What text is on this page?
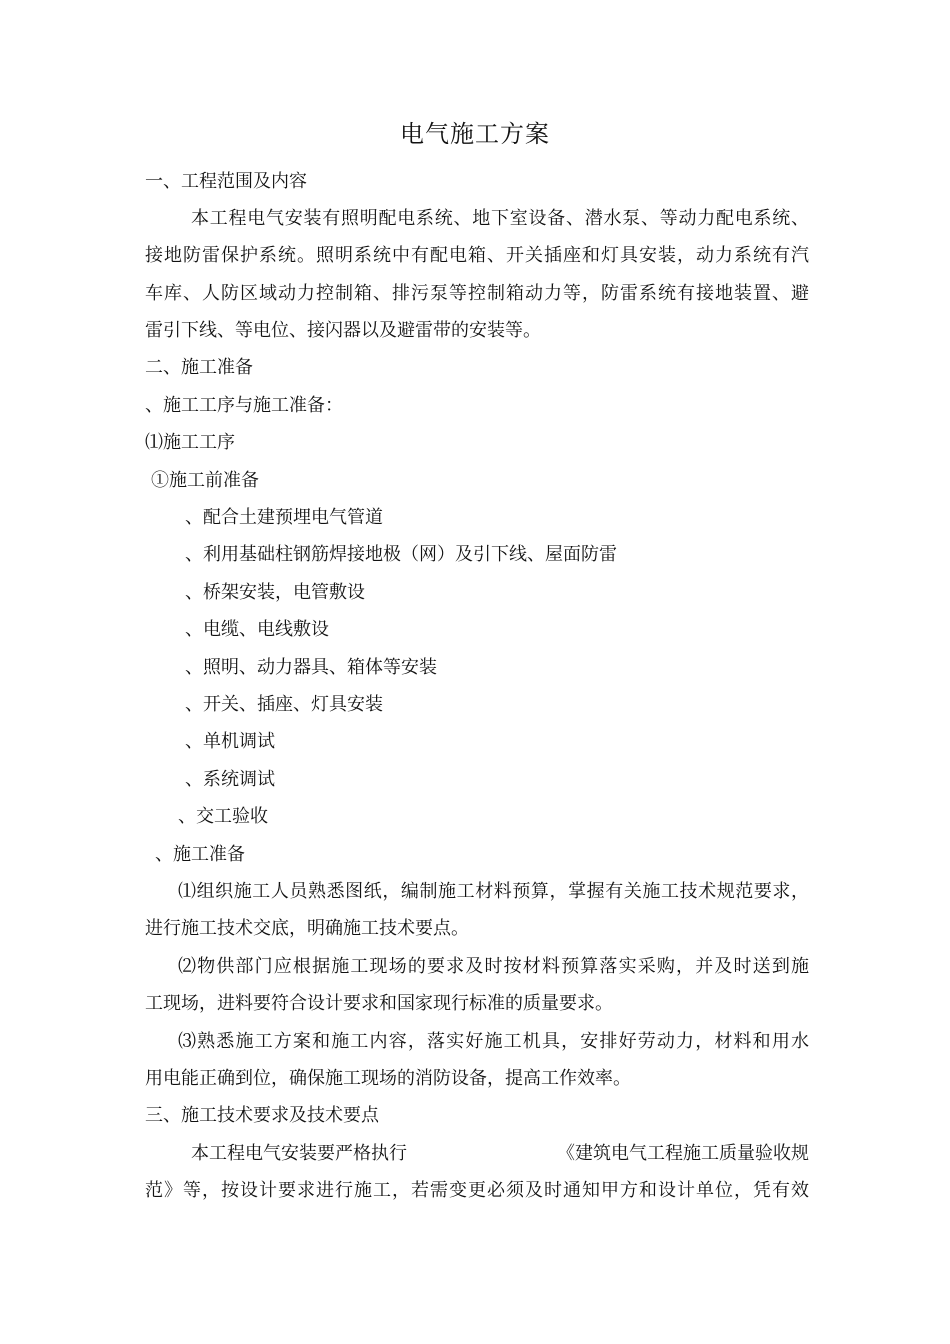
电气施工方案
一、工程范围及内容
本工程电气安装有照明配电系统、地下室设备、潜水泵、等动力配电系统、
接地防雷保护系统。照明系统中有配电箱、开关插座和灯具安装，动力系统有汽
车库、人防区域动力控制箱、排污泵等控制箱动力等，防雷系统有接地装置、避
雷引下线、等电位、接闪器以及避雷带的安装等。
二、施工准备
、施工工序与施工准备：
⑴施工工序
①施工前准备
、配合土建预埋电气管道
、利用基础柱钢筋焊接地极（网）及引下线、屋面防雷
、桥架安装，电管敷设
、电缆、电线敷设
、照明、动力器具、箱体等安装
、开关、插座、灯具安装
、单机调试
、系统调试
、交工验收
、施工准备
⑴组织施工人员熟悉图纸，编制施工材料预算，掌握有关施工技术规范要求，
进行施工技术交底，明确施工技术要点。
⑵物供部门应根据施工现场的要求及时按材料预算落实采购，并及时送到施
工现场，进料要符合设计要求和国家现行标准的质量要求。
⑶熟悉施工方案和施工内容，落实好施工机具，安排好劳动力，材料和用水
用电能正确到位，确保施工现场的消防设备，提高工作效率。
三、施工技术要求及技术要点
本工程电气安装要严格执行	《建筑电气工程施工质量验收规
范》等，按设计要求进行施工，若需变更必须及时通知甲方和设计单位，凭有效
